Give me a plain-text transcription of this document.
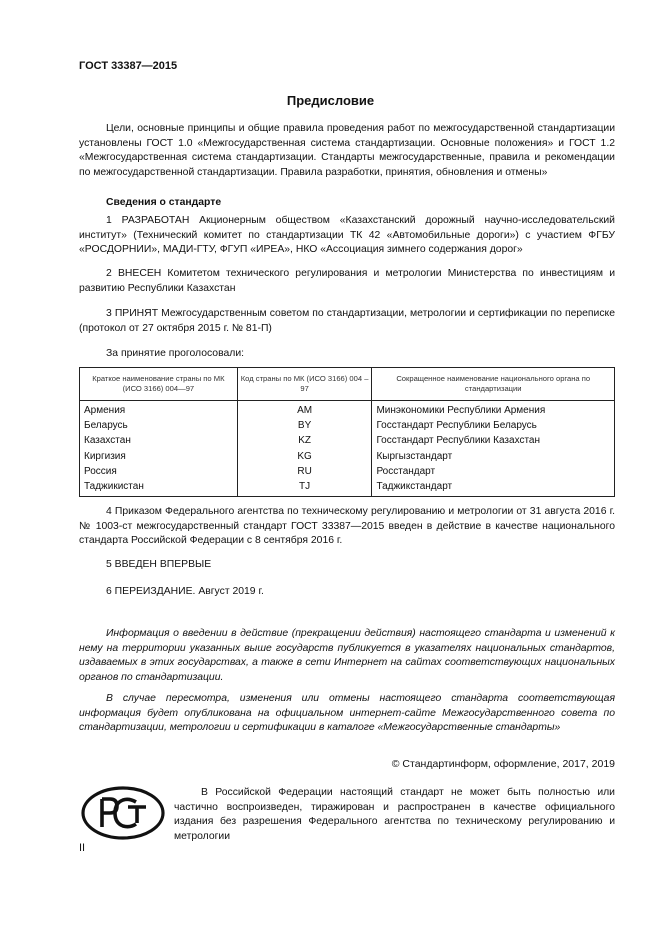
ГОСТ 33387—2015
Предисловие
Цели, основные принципы и общие правила проведения работ по межгосударственной стандартизации установлены ГОСТ 1.0 «Межгосударственная система стандартизации. Основные положения» и ГОСТ 1.2 «Межгосударственная система стандартизации. Стандарты межгосударственные, правила и рекомендации по межгосударственной стандартизации. Правила разработки, принятия, обновления и отмены»
Сведения о стандарте
1 РАЗРАБОТАН Акционерным обществом «Казахстанский дорожный научно-исследовательский институт» (Технический комитет по стандартизации ТК 42 «Автомобильные дороги») с участием ФГБУ «РОСДОРНИИ», МАДИ-ГТУ, ФГУП «ИРЕА», НКО «Ассоциация зимнего содержания дорог»
2 ВНЕСЕН Комитетом технического регулирования и метрологии Министерства по инвестициям и развитию Республики Казахстан
3 ПРИНЯТ Межгосударственным советом по стандартизации, метрологии и сертификации по переписке (протокол от 27 октября 2015 г. № 81-П)
За принятие проголосовали:
Краткое наименование страны по МК (ИСО 3166) 004—97	Код страны по МК (ИСО 3166) 004 – 97	Сокращенное наименование национального органа по стандартизации
Армения	AM	Минэкономики Республики Армения
Беларусь	BY	Госстандарт Республики Беларусь
Казахстан	KZ	Госстандарт Республики Казахстан
Киргизия	KG	Кыргызстандарт
Россия	RU	Росстандарт
Таджикистан	TJ	Таджикстандарт
4 Приказом Федерального агентства по техническому регулированию и метрологии от 31 августа 2016 г. № 1003-ст межгосударственный стандарт ГОСТ 33387—2015 введен в действие в качестве национального стандарта Российской Федерации с 8 сентября 2016 г.
5 ВВЕДЕН ВПЕРВЫЕ
6 ПЕРЕИЗДАНИЕ. Август 2019 г.
Информация о введении в действие (прекращении действия) настоящего стандарта и изменений к нему на территории указанных выше государств публикуется в указателях национальных стандартов, издаваемых в этих государствах, а также в сети Интернет на сайтах соответствующих национальных органов по стандартизации.
В случае пересмотра, изменения или отмены настоящего стандарта соответствующая информация будет опубликована на официальном интернет-сайте Межгосударственного совета по стандартизации, метрологии и сертификации в каталоге «Межгосударственные стандарты»
© Стандартинформ, оформление, 2017, 2019
В Российской Федерации настоящий стандарт не может быть полностью или частично воспроизведен, тиражирован и распространен в качестве официального издания без разрешения Федерального агентства по техническому регулированию и метрологии
II
